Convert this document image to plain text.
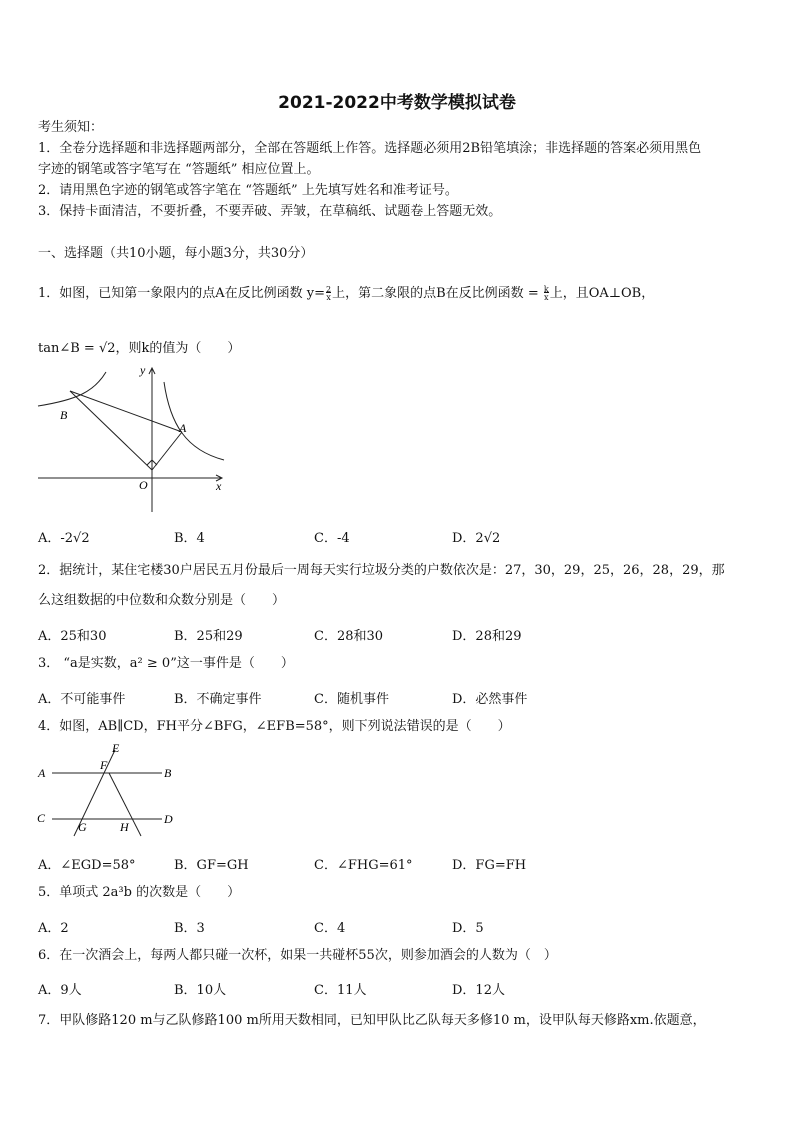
2021-2022中考数学模拟试卷
考生须知：
1．全卷分选择题和非选择题两部分，全部在答题纸上作答。选择题必须用2B铅笔填涂；非选择题的答案必须用黑色
字迹的钢笔或答字笔写在 “答题纸” 相应位置上。
2．请用黑色字迹的钢笔或答字笔在 “答题纸” 上先填写姓名和准考证号。
3．保持卡面清洁，不要折叠，不要弄破、弄皱，在草稿纸、试题卷上答题无效。
一、选择题（共10小题，每小题3分，共30分）
1．如图，已知第一象限内的点A在反比例函数 $y=\frac{2}{x}$上，第二象限的点B在反比例函数 = $\frac{k}{x}$上，且OA⊥OB，
tan∠B = √2，则k的值为（　　）
y
x
B
A
O
A．-2√2	B．4	C．-4	D．2√2
2．据统计，某住宅楼30户居民五月份最后一周每天实行垃圾分类的户数依次是：27，30，29，25，26，28，29，那
么这组数据的中位数和众数分别是（　　）
A．25和30	B．25和29	C．28和30	D．28和29
3． “a是实数，a² ≥ 0”这一事件是（　　）
A．不可能事件	B．不确定事件	C．随机事件	D．必然事件
4．如图，AB∥CD，FH平分∠BFG，∠EFB=58°，则下列说法错误的是（　　）
E
F
A	B
C	D
G	H
A．∠EGD=58°	B．GF=GH	C．∠FHG=61°	D．FG=FH
5．单项式 2a³b 的次数是（　　）
A．2	B．3	C．4	D．5
6．在一次酒会上，每两人都只碰一次杯，如果一共碰杯55次，则参加酒会的人数为（　）
A．9人	B．10人	C．11人	D．12人
7．甲队修路120 m与乙队修路100 m所用天数相同，已知甲队比乙队每天多修10 m，设甲队每天修路xm.依题意，
